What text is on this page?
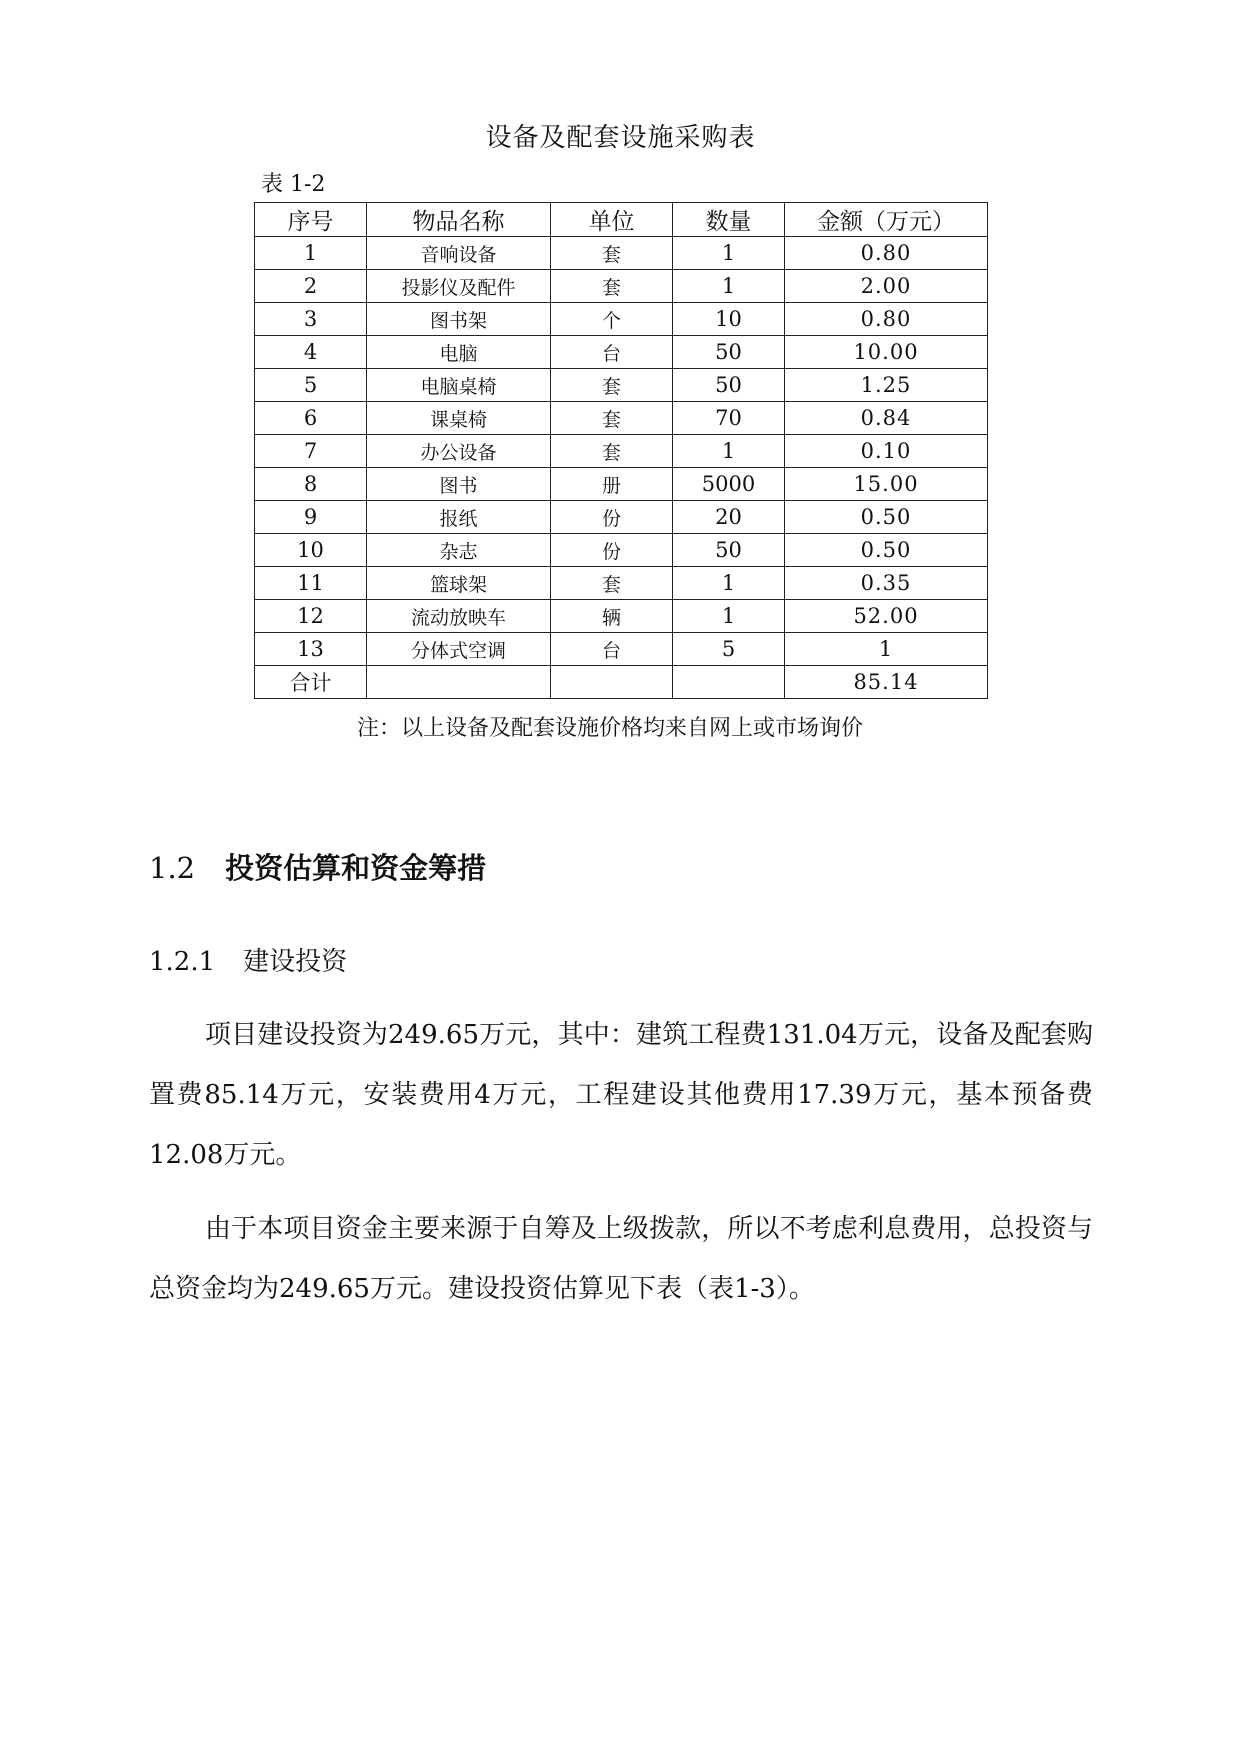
设备及配套设施采购表
表 1-2
序号	物品名称	单位	数量	金额（万元）
1	音响设备	套	1	0.80
2	投影仪及配件	套	1	2.00
3	图书架	个	10	0.80
4	电脑	台	50	10.00
5	电脑桌椅	套	50	1.25
6	课桌椅	套	70	0.84
7	办公设备	套	1	0.10
8	图书	册	5000	15.00
9	报纸	份	20	0.50
10	杂志	份	50	0.50
11	篮球架	套	1	0.35
12	流动放映车	辆	1	52.00
13	分体式空调	台	5	1
合计				85.14
注：以上设备及配套设施价格均来自网上或市场询价
1.2 投资估算和资金筹措
1.2.1 建设投资

项目建设投资为249.65万元，其中：建筑工程费131.04万元，设备及配套购置费85.14万元，安装费用4万元，工程建设其他费用17.39万元，基本预备费12.08万元。

由于本项目资金主要来源于自筹及上级拨款，所以不考虑利息费用，总投资与总资金均为249.65万元。建设投资估算见下表（表1-3）。
